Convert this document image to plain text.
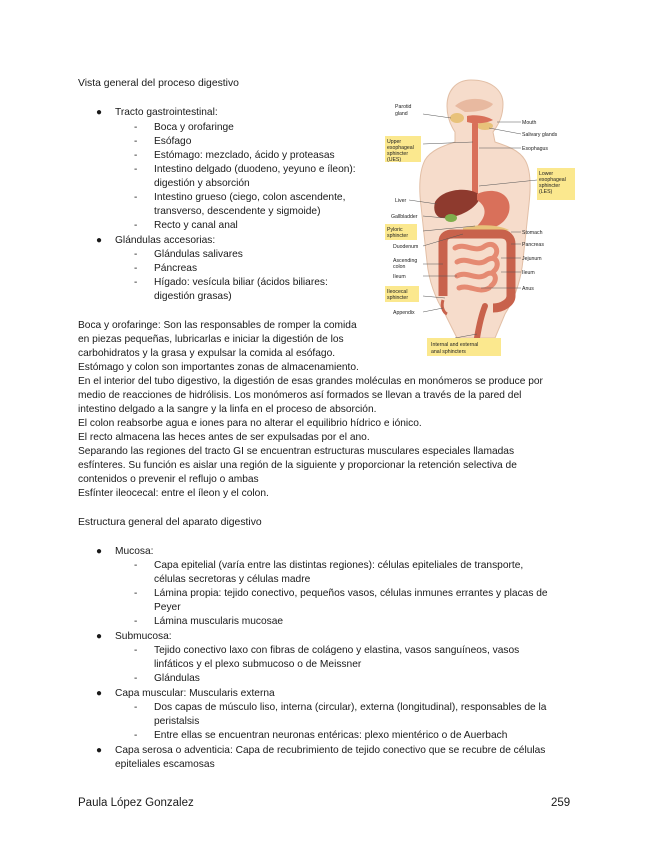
Vista general del proceso digestivo
● Tracto gastrointestinal:
- Boca y orofaringe
- Esófago
- Estómago: mezclado, ácido y proteasas
- Intestino delgado (duodeno, yeyuno e íleon):
digestión y absorción
- Intestino grueso (ciego, colon ascendente,
transverso, descendente y sigmoide)
- Recto y canal anal
● Glándulas accesorias:
- Glándulas salivares
- Páncreas
- Hígado: vesícula biliar (ácidos biliares:
digestión grasas)
Boca y orofaringe: Son las responsables de romper la comida
en piezas pequeñas, lubricarlas e iniciar la digestión de los
carbohidratos y la grasa y expulsar la comida al esófago.
Estómago y colon son importantes zonas de almacenamiento.
En el interior del tubo digestivo, la digestión de esas grandes moléculas en monómeros se produce por
medio de reacciones de hidrólisis. Los monómeros así formados se llevan a través de la pared del
intestino delgado a la sangre y la linfa en el proceso de absorción.
El colon reabsorbe agua e iones para no alterar el equilibrio hídrico e iónico.
El recto almacena las heces antes de ser expulsadas por el ano.
Separando las regiones del tracto GI se encuentran estructuras musculares especiales llamadas
esfínteres. Su función es aislar una región de la siguiente y proporcionar la retención selectiva de
contenidos o prevenir el reflujo o ambas
Esfínter ileocecal: entre el íleon y el colon.
Parotid
gland
Upper
esophageal
sphincter
(UES)
Liver
Gallbladder
Pyloric
sphincter
Duodenum
Ascending
colon
Ileum
Ileocecal
sphincter
Appendix
Mouth
Salivary glands
Esophagus
Lower
esophageal
sphincter
(LES)
Stomach
Pancreas
Jejunum
Ileum
Anus
Internal and external
anal sphincters
Estructura general del aparato digestivo
● Mucosa:
- Capa epitelial (varía entre las distintas regiones): células epiteliales de transporte,
células secretoras y células madre
- Lámina propia: tejido conectivo, pequeños vasos, células inmunes errantes y placas de
Peyer
- Lámina muscularis mucosae
● Submucosa:
- Tejido conectivo laxo con fibras de colágeno y elastina, vasos sanguíneos, vasos
linfáticos y el plexo submucoso o de Meissner
- Glándulas
● Capa muscular: Muscularis externa
- Dos capas de músculo liso, interna (circular), externa (longitudinal), responsables de la
peristalsis
- Entre ellas se encuentran neuronas entéricas: plexo mientérico o de Auerbach
● Capa serosa o adventicia: Capa de recubrimiento de tejido conectivo que se recubre de células
epiteliales escamosas
Paula López Gonzalez	259
